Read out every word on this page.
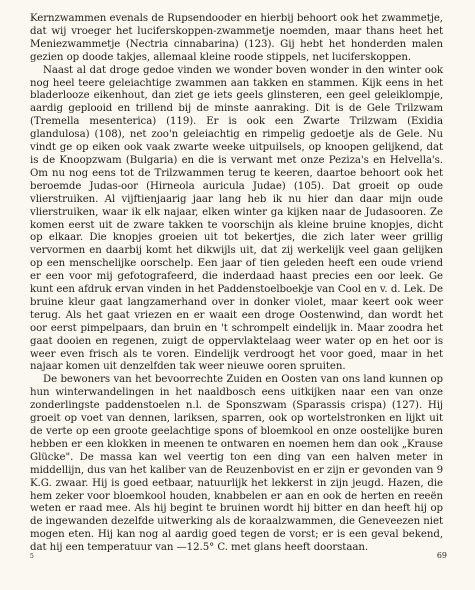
Kernzwammen evenals de Rupsendooder en hierbij behoort ook het zwammetje, dat wij vroeger het luciferskoppen-zwammetje noemden, maar thans heet het Meniezwammetje (Nectria cinnabarina) (123). Gij hebt het honderden malen gezien op doode takjes, allemaal kleine roode stippels, net luciferskoppen.

Naast al dat droge gedoe vinden we wonder boven wonder in den winter ook nog heel teere geleiachtige zwammen aan takken en stammen. Kijk eens in het bladerlooze eikenhout, dan ziet ge iets geels glinsteren, een geel geleiklompje, aardig geplooid en trillend bij de minste aanraking. Dit is de Gele Trilzwam (Tremella mesenterica) (119). Er is ook een Zwarte Trilzwam (Exidia glandulosa) (108), net zoo'n geleiachtig en rimpelig gedoetje als de Gele. Nu vindt ge op eiken ook vaak zwarte weeke uitpuilsels, op knoopen gelijkend, dat is de Knoopzwam (Bulgaria) en die is verwant met onze Peziza's en Helvella's. Om nu nog eens tot de Trilzwammen terug te keeren, daartoe behoort ook het beroemde Judas-oor (Hirneola auricula Judae) (105). Dat groeit op oude vlierstruiken. Al vijftienjaarig jaar lang heb ik nu hier dan daar mijn oude vlierstruiken, waar ik elk najaar, elken winter ga kijken naar de Judasooren. Ze komen eerst uit de zware takken te voorschijn als kleine bruine knopjes, dicht op elkaar. Die knopjes groeien uit tot bekertjes, die zich later weer grillig vervormen en daarbij komt het dikwijls uit, dat zij werkelijk veel gaan gelijken op een menschelijke oorschelp. Een jaar of tien geleden heeft een oude vriend er een voor mij gefotografeerd, die inderdaad haast precies een oor leek. Ge kunt een afdruk ervan vinden in het Paddenstoelboekje van Cool en v. d. Lek. De bruine kleur gaat langzamerhand over in donker violet, maar keert ook weer terug. Als het gaat vriezen en er waait een droge Oostenwind, dan wordt het oor eerst pimpelpaars, dan bruin en 't schrompelt eindelijk in. Maar zoodra het gaat dooien en regenen, zuigt de oppervlaktelaag weer water op en het oor is weer even frisch als te voren. Eindelijk verdroogt het voor goed, maar in het najaar komen uit denzelfden tak weer nieuwe ooren spruiten.

De bewoners van het bevoorrechte Zuiden en Oosten van ons land kunnen op hun winterwandelingen in het naaldbosch eens uitkijken naar een van onze zonderlingste paddenstoelen n.l. de Sponszwam (Sparassis crispa) (127). Hij groeit op voet van dennen, lariksen, sparren, ook op wortelstronken en lijkt uit de verte op een groote geelachtige spons of bloemkool en onze oostelijke buren hebben er een klokken in meenen te ontwaren en noemen hem dan ook „Krause Glücke". De massa kan wel veertig ton een ding van een halven meter in middellijn, dus van het kaliber van de Reuzenbovist en er zijn er gevonden van 9 K.G. zwaar. Hij is goed eetbaar, natuurlijk het lekkerst in zijn jeugd. Hazen, die hem zeker voor bloemkool houden, knabbelen er aan en ook de herten en reeën weten er raad mee. Als hij begint te bruinen wordt hij bitter en dan heeft hij op de ingewanden dezelfde uitwerking als de koraalzwammen, die Geneveezen niet mogen eten. Hij kan nog al aardig goed tegen de vorst; er is een geval bekend, dat hij een temperatuur van —12.5° C. met glans heeft doorstaan.

5	69
